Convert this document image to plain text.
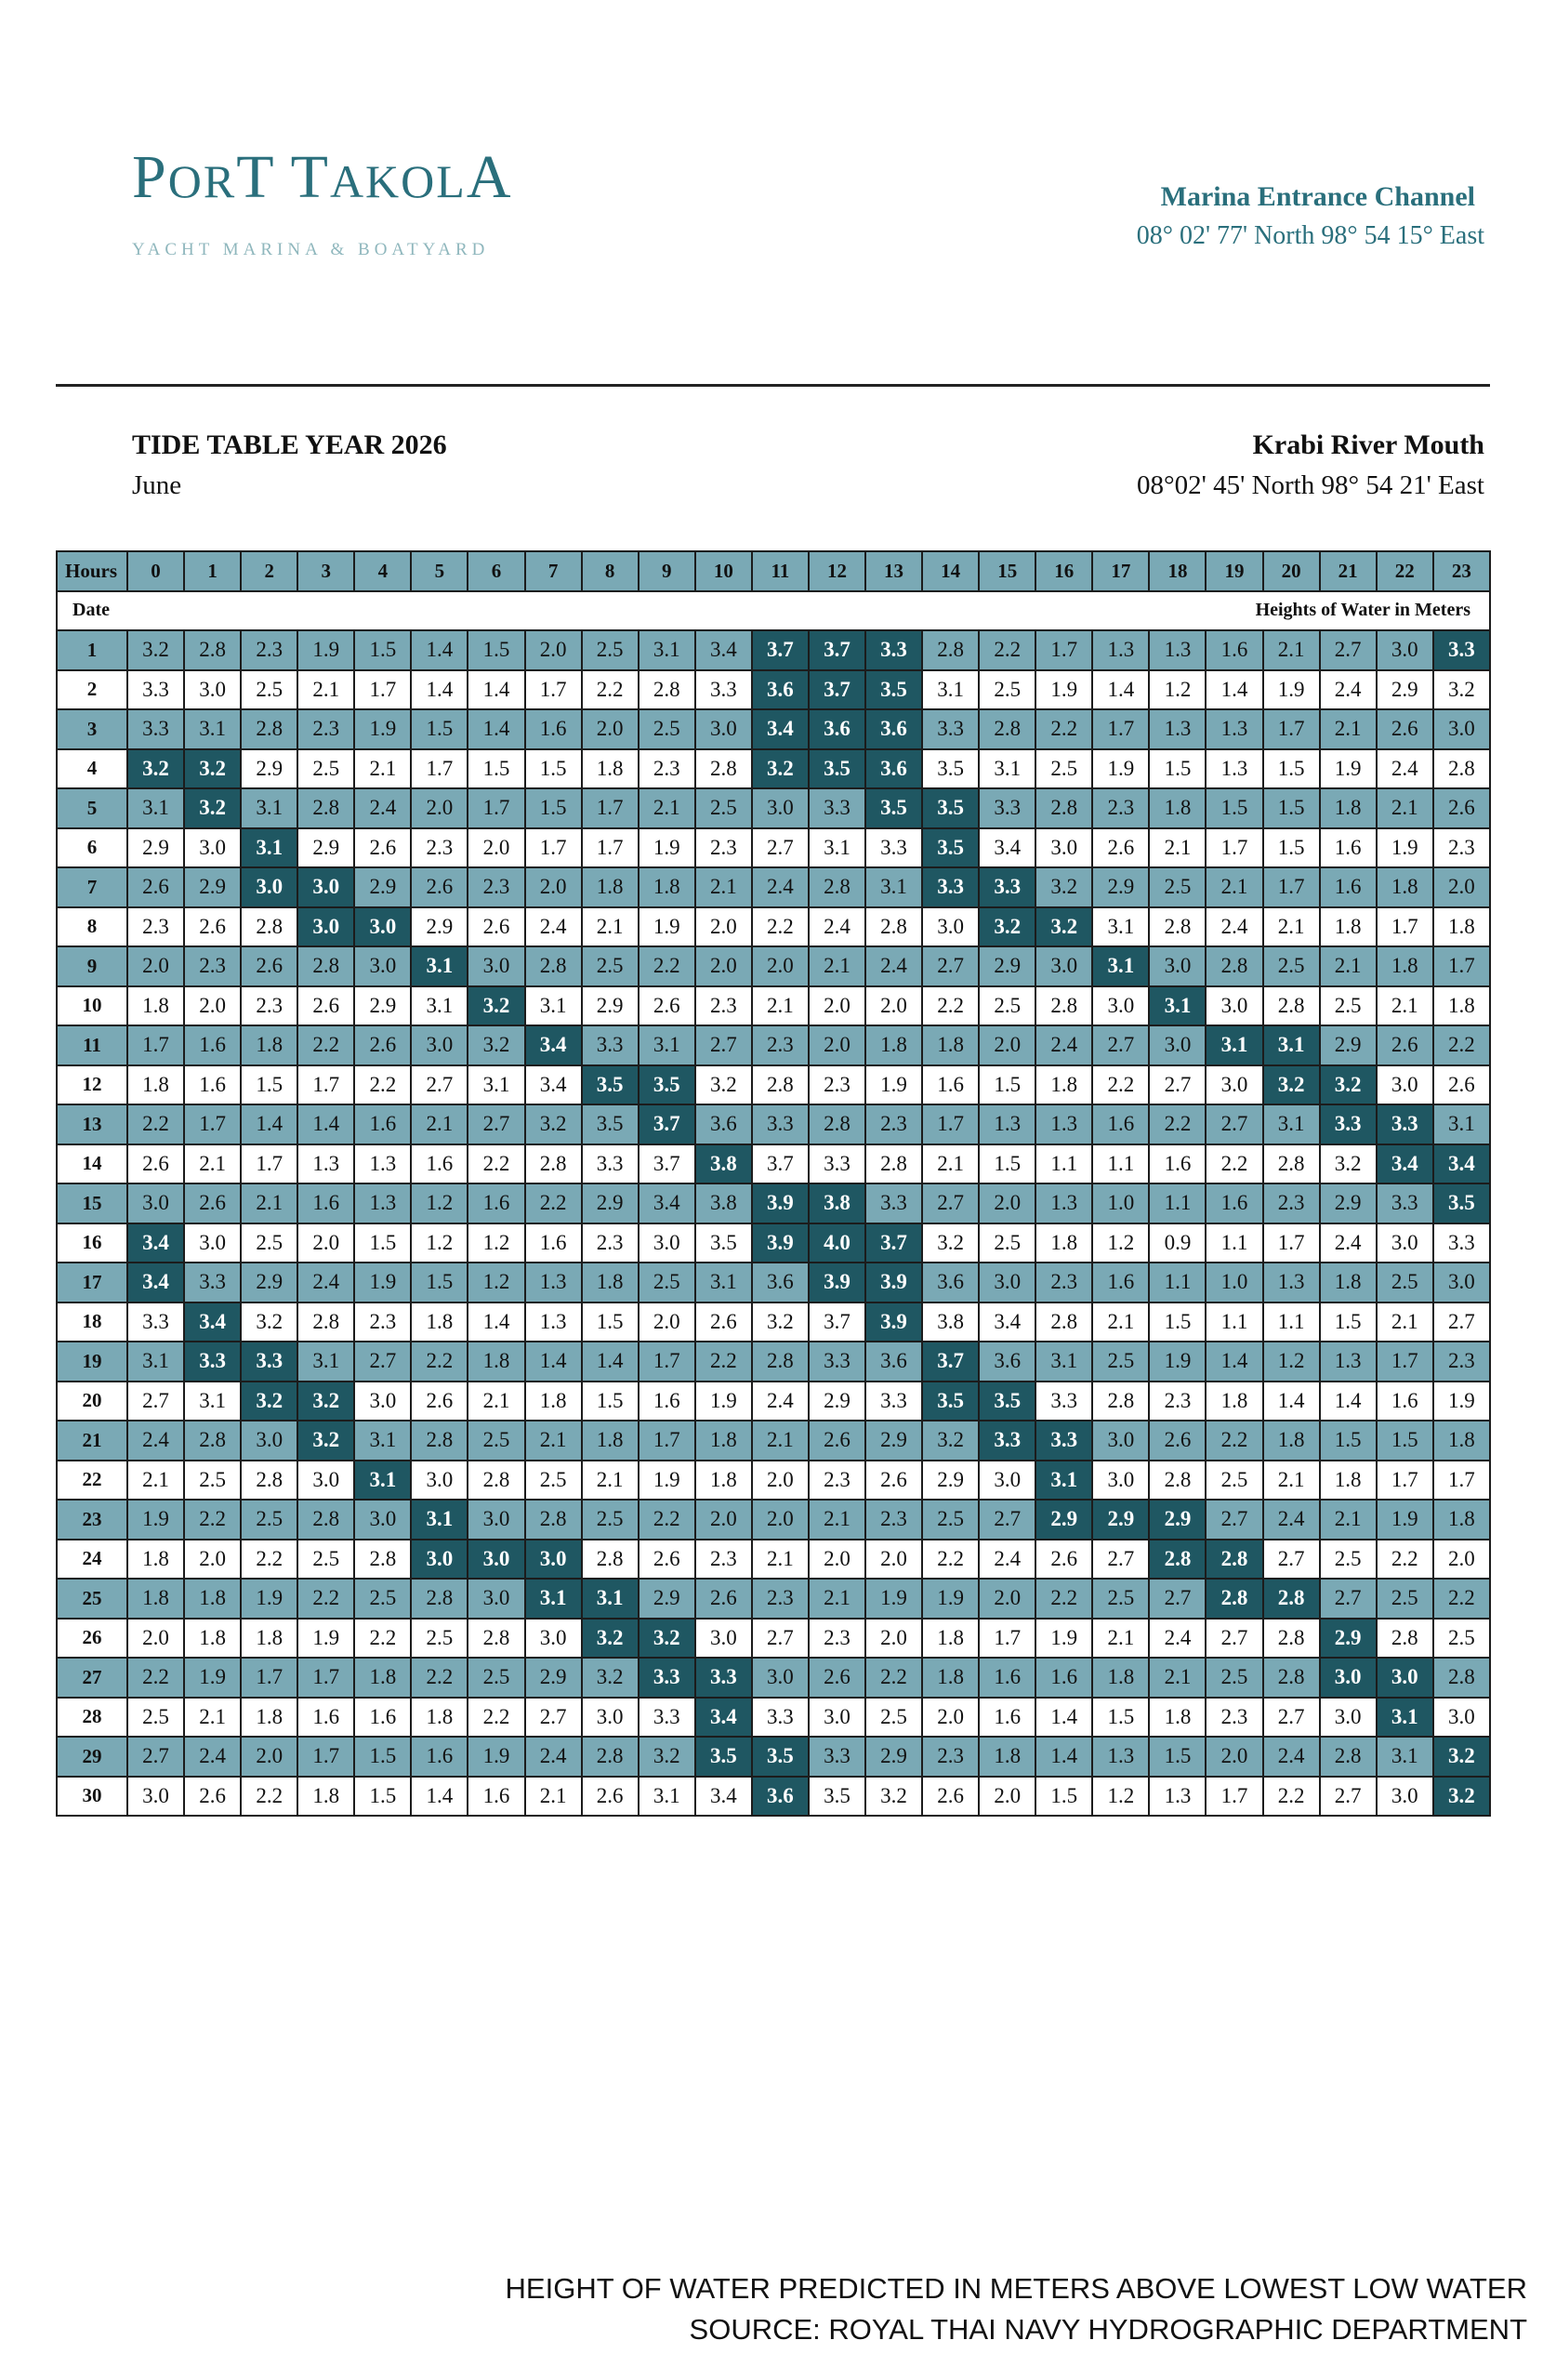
PORT TAKOLA
YACHT MARINA & BOATYARD
Marina Entrance Channel
08° 02' 77' North 98° 54 15° East
TIDE TABLE YEAR 2026
June
Krabi River Mouth
08°02' 45' North 98° 54 21' East
Hours	0	1	2	3	4	5	6	7	8	9	10	11	12	13	14	15	16	17	18	19	20	21	22	23
Date	Heights of Water in Meters																							
1	3.2	2.8	2.3	1.9	1.5	1.4	1.5	2.0	2.5	3.1	3.4	3.7	3.7	3.3	2.8	2.2	1.7	1.3	1.3	1.6	2.1	2.7	3.0	3.3
2	3.3	3.0	2.5	2.1	1.7	1.4	1.4	1.7	2.2	2.8	3.3	3.6	3.7	3.5	3.1	2.5	1.9	1.4	1.2	1.4	1.9	2.4	2.9	3.2
3	3.3	3.1	2.8	2.3	1.9	1.5	1.4	1.6	2.0	2.5	3.0	3.4	3.6	3.6	3.3	2.8	2.2	1.7	1.3	1.3	1.7	2.1	2.6	3.0
4	3.2	3.2	2.9	2.5	2.1	1.7	1.5	1.5	1.8	2.3	2.8	3.2	3.5	3.6	3.5	3.1	2.5	1.9	1.5	1.3	1.5	1.9	2.4	2.8
5	3.1	3.2	3.1	2.8	2.4	2.0	1.7	1.5	1.7	2.1	2.5	3.0	3.3	3.5	3.5	3.3	2.8	2.3	1.8	1.5	1.5	1.8	2.1	2.6
6	2.9	3.0	3.1	2.9	2.6	2.3	2.0	1.7	1.7	1.9	2.3	2.7	3.1	3.3	3.5	3.4	3.0	2.6	2.1	1.7	1.5	1.6	1.9	2.3
7	2.6	2.9	3.0	3.0	2.9	2.6	2.3	2.0	1.8	1.8	2.1	2.4	2.8	3.1	3.3	3.3	3.2	2.9	2.5	2.1	1.7	1.6	1.8	2.0
8	2.3	2.6	2.8	3.0	3.0	2.9	2.6	2.4	2.1	1.9	2.0	2.2	2.4	2.8	3.0	3.2	3.2	3.1	2.8	2.4	2.1	1.8	1.7	1.8
9	2.0	2.3	2.6	2.8	3.0	3.1	3.0	2.8	2.5	2.2	2.0	2.0	2.1	2.4	2.7	2.9	3.0	3.1	3.0	2.8	2.5	2.1	1.8	1.7
10	1.8	2.0	2.3	2.6	2.9	3.1	3.2	3.1	2.9	2.6	2.3	2.1	2.0	2.0	2.2	2.5	2.8	3.0	3.1	3.0	2.8	2.5	2.1	1.8
11	1.7	1.6	1.8	2.2	2.6	3.0	3.2	3.4	3.3	3.1	2.7	2.3	2.0	1.8	1.8	2.0	2.4	2.7	3.0	3.1	3.1	2.9	2.6	2.2
12	1.8	1.6	1.5	1.7	2.2	2.7	3.1	3.4	3.5	3.5	3.2	2.8	2.3	1.9	1.6	1.5	1.8	2.2	2.7	3.0	3.2	3.2	3.0	2.6
13	2.2	1.7	1.4	1.4	1.6	2.1	2.7	3.2	3.5	3.7	3.6	3.3	2.8	2.3	1.7	1.3	1.3	1.6	2.2	2.7	3.1	3.3	3.3	3.1
14	2.6	2.1	1.7	1.3	1.3	1.6	2.2	2.8	3.3	3.7	3.8	3.7	3.3	2.8	2.1	1.5	1.1	1.1	1.6	2.2	2.8	3.2	3.4	3.4
15	3.0	2.6	2.1	1.6	1.3	1.2	1.6	2.2	2.9	3.4	3.8	3.9	3.8	3.3	2.7	2.0	1.3	1.0	1.1	1.6	2.3	2.9	3.3	3.5
16	3.4	3.0	2.5	2.0	1.5	1.2	1.2	1.6	2.3	3.0	3.5	3.9	4.0	3.7	3.2	2.5	1.8	1.2	0.9	1.1	1.7	2.4	3.0	3.3
17	3.4	3.3	2.9	2.4	1.9	1.5	1.2	1.3	1.8	2.5	3.1	3.6	3.9	3.9	3.6	3.0	2.3	1.6	1.1	1.0	1.3	1.8	2.5	3.0
18	3.3	3.4	3.2	2.8	2.3	1.8	1.4	1.3	1.5	2.0	2.6	3.2	3.7	3.9	3.8	3.4	2.8	2.1	1.5	1.1	1.1	1.5	2.1	2.7
19	3.1	3.3	3.3	3.1	2.7	2.2	1.8	1.4	1.4	1.7	2.2	2.8	3.3	3.6	3.7	3.6	3.1	2.5	1.9	1.4	1.2	1.3	1.7	2.3
20	2.7	3.1	3.2	3.2	3.0	2.6	2.1	1.8	1.5	1.6	1.9	2.4	2.9	3.3	3.5	3.5	3.3	2.8	2.3	1.8	1.4	1.4	1.6	1.9
21	2.4	2.8	3.0	3.2	3.1	2.8	2.5	2.1	1.8	1.7	1.8	2.1	2.6	2.9	3.2	3.3	3.3	3.0	2.6	2.2	1.8	1.5	1.5	1.8
22	2.1	2.5	2.8	3.0	3.1	3.0	2.8	2.5	2.1	1.9	1.8	2.0	2.3	2.6	2.9	3.0	3.1	3.0	2.8	2.5	2.1	1.8	1.7	1.7
23	1.9	2.2	2.5	2.8	3.0	3.1	3.0	2.8	2.5	2.2	2.0	2.0	2.1	2.3	2.5	2.7	2.9	2.9	2.9	2.7	2.4	2.1	1.9	1.8
24	1.8	2.0	2.2	2.5	2.8	3.0	3.0	3.0	2.8	2.6	2.3	2.1	2.0	2.0	2.2	2.4	2.6	2.7	2.8	2.8	2.7	2.5	2.2	2.0
25	1.8	1.8	1.9	2.2	2.5	2.8	3.0	3.1	3.1	2.9	2.6	2.3	2.1	1.9	1.9	2.0	2.2	2.5	2.7	2.8	2.8	2.7	2.5	2.2
26	2.0	1.8	1.8	1.9	2.2	2.5	2.8	3.0	3.2	3.2	3.0	2.7	2.3	2.0	1.8	1.7	1.9	2.1	2.4	2.7	2.8	2.9	2.8	2.5
27	2.2	1.9	1.7	1.7	1.8	2.2	2.5	2.9	3.2	3.3	3.3	3.0	2.6	2.2	1.8	1.6	1.6	1.8	2.1	2.5	2.8	3.0	3.0	2.8
28	2.5	2.1	1.8	1.6	1.6	1.8	2.2	2.7	3.0	3.3	3.4	3.3	3.0	2.5	2.0	1.6	1.4	1.5	1.8	2.3	2.7	3.0	3.1	3.0
29	2.7	2.4	2.0	1.7	1.5	1.6	1.9	2.4	2.8	3.2	3.5	3.5	3.3	2.9	2.3	1.8	1.4	1.3	1.5	2.0	2.4	2.8	3.1	3.2
30	3.0	2.6	2.2	1.8	1.5	1.4	1.6	2.1	2.6	3.1	3.4	3.6	3.5	3.2	2.6	2.0	1.5	1.2	1.3	1.7	2.2	2.7	3.0	3.2
HEIGHT OF WATER PREDICTED IN METERS ABOVE LOWEST LOW WATER
SOURCE: ROYAL THAI NAVY HYDROGRAPHIC DEPARTMENT
